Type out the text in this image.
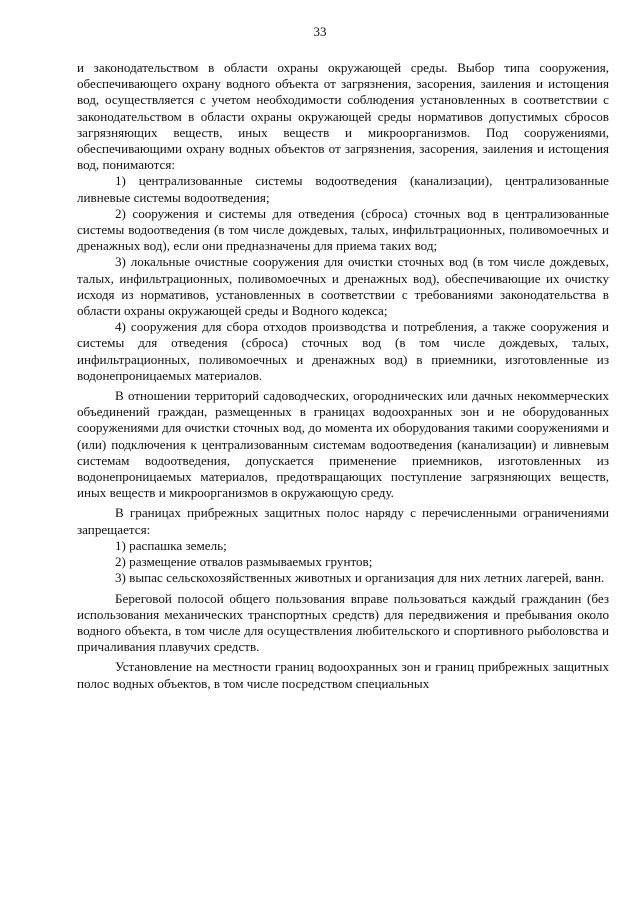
33

и законодательством в области охраны окружающей среды. Выбор типа сооружения, обеспечивающего охрану водного объекта от загрязнения, засорения, заиления и истощения вод, осуществляется с учетом необходимости соблюдения установленных в соответствии с законодательством в области охраны окружающей среды нормативов допустимых сбросов загрязняющих веществ, иных веществ и микроорганизмов. Под сооружениями, обеспечивающими охрану водных объектов от загрязнения, засорения, заиления и истощения вод, понимаются:

1) централизованные системы водоотведения (канализации), централизованные ливневые системы водоотведения;

2) сооружения и системы для отведения (сброса) сточных вод в централизованные системы водоотведения (в том числе дождевых, талых, инфильтрационных, поливомоечных и дренажных вод), если они предназначены для приема таких вод;

3) локальные очистные сооружения для очистки сточных вод (в том числе дождевых, талых, инфильтрационных, поливомоечных и дренажных вод), обеспечивающие их очистку исходя из нормативов, установленных в соответствии с требованиями законодательства в области охраны окружающей среды и Водного кодекса;

4) сооружения для сбора отходов производства и потребления, а также сооружения и системы для отведения (сброса) сточных вод (в том числе дождевых, талых, инфильтрационных, поливомоечных и дренажных вод) в приемники, изготовленные из водонепроницаемых материалов.

В отношении территорий садоводческих, огороднических или дачных некоммерческих объединений граждан, размещенных в границах водоохранных зон и не оборудованных сооружениями для очистки сточных вод, до момента их оборудования такими сооружениями и (или) подключения к централизованным системам водоотведения (канализации) и ливневым системам водоотведения, допускается применение приемников, изготовленных из водонепроницаемых материалов, предотвращающих поступление загрязняющих веществ, иных веществ и микроорганизмов в окружающую среду.

В границах прибрежных защитных полос наряду с перечисленными ограничениями запрещается:

1) распашка земель;

2) размещение отвалов размываемых грунтов;

3) выпас сельскохозяйственных животных и организация для них летних лагерей, ванн.

Береговой полосой общего пользования вправе пользоваться каждый гражданин (без использования механических транспортных средств) для передвижения и пребывания около водного объекта, в том числе для осуществления любительского и спортивного рыболовства и причаливания плавучих средств.

Установление на местности границ водоохранных зон и границ прибрежных защитных полос водных объектов, в том числе посредством специальных
